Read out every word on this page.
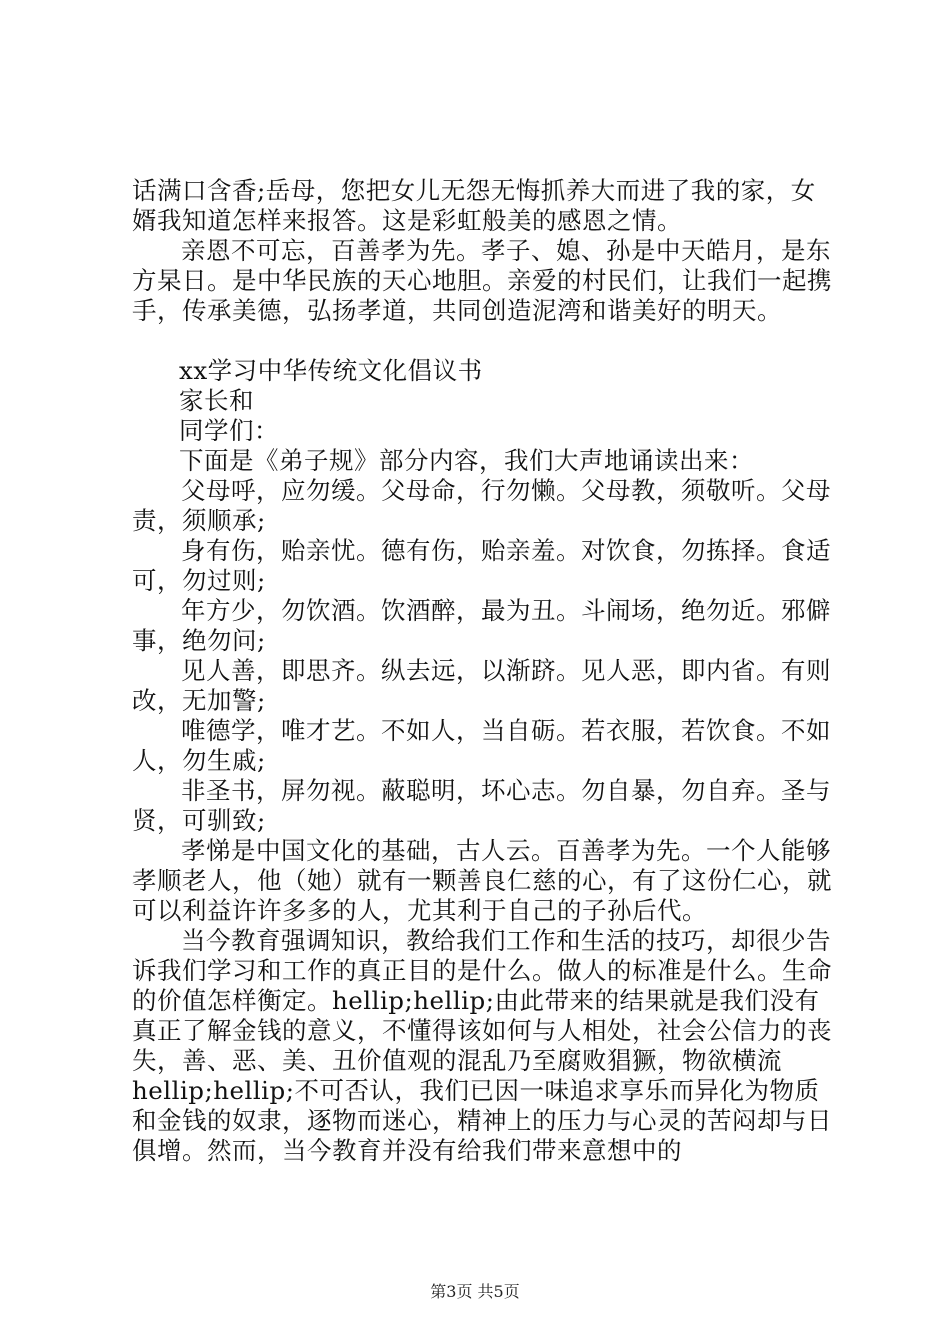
话满口含香;岳母，您把女儿无怨无悔抓养大而进了我的家，女婿我知道怎样来报答。这是彩虹般美的感恩之情。

亲恩不可忘，百善孝为先。孝子、媳、孙是中天皓月，是东方杲日。是中华民族的天心地胆。亲爱的村民们，让我们一起携手，传承美德，弘扬孝道，共同创造泥湾和谐美好的明天。

xx学习中华传统文化倡议书

家长和

同学们：

下面是《弟子规》部分内容，我们大声地诵读出来：

父母呼，应勿缓。父母命，行勿懒。父母教，须敬听。父母责，须顺承;

身有伤，贻亲忧。德有伤，贻亲羞。对饮食，勿拣择。食适可，勿过则;

年方少，勿饮酒。饮酒醉，最为丑。斗闹场，绝勿近。邪僻事，绝勿问;

见人善，即思齐。纵去远，以渐跻。见人恶，即内省。有则改，无加警;

唯德学，唯才艺。不如人，当自砺。若衣服，若饮食。不如人，勿生戚;

非圣书，屏勿视。蔽聪明，坏心志。勿自暴，勿自弃。圣与贤，可驯致;

孝悌是中国文化的基础，古人云。百善孝为先。一个人能够孝顺老人，他（她）就有一颗善良仁慈的心，有了这份仁心，就可以利益许许多多的人，尤其利于自己的子孙后代。

当今教育强调知识，教给我们工作和生活的技巧，却很少告诉我们学习和工作的真正目的是什么。做人的标准是什么。生命的价值怎样衡定。hellip;hellip;由此带来的结果就是我们没有真正了解金钱的意义，不懂得该如何与人相处，社会公信力的丧失，善、恶、美、丑价值观的混乱乃至腐败猖獗，物欲横流hellip;hellip;不可否认，我们已因一味追求享乐而异化为物质和金钱的奴隶，逐物而迷心，精神上的压力与心灵的苦闷却与日俱增。然而，当今教育并没有给我们带来意想中的

第3页 共5页
